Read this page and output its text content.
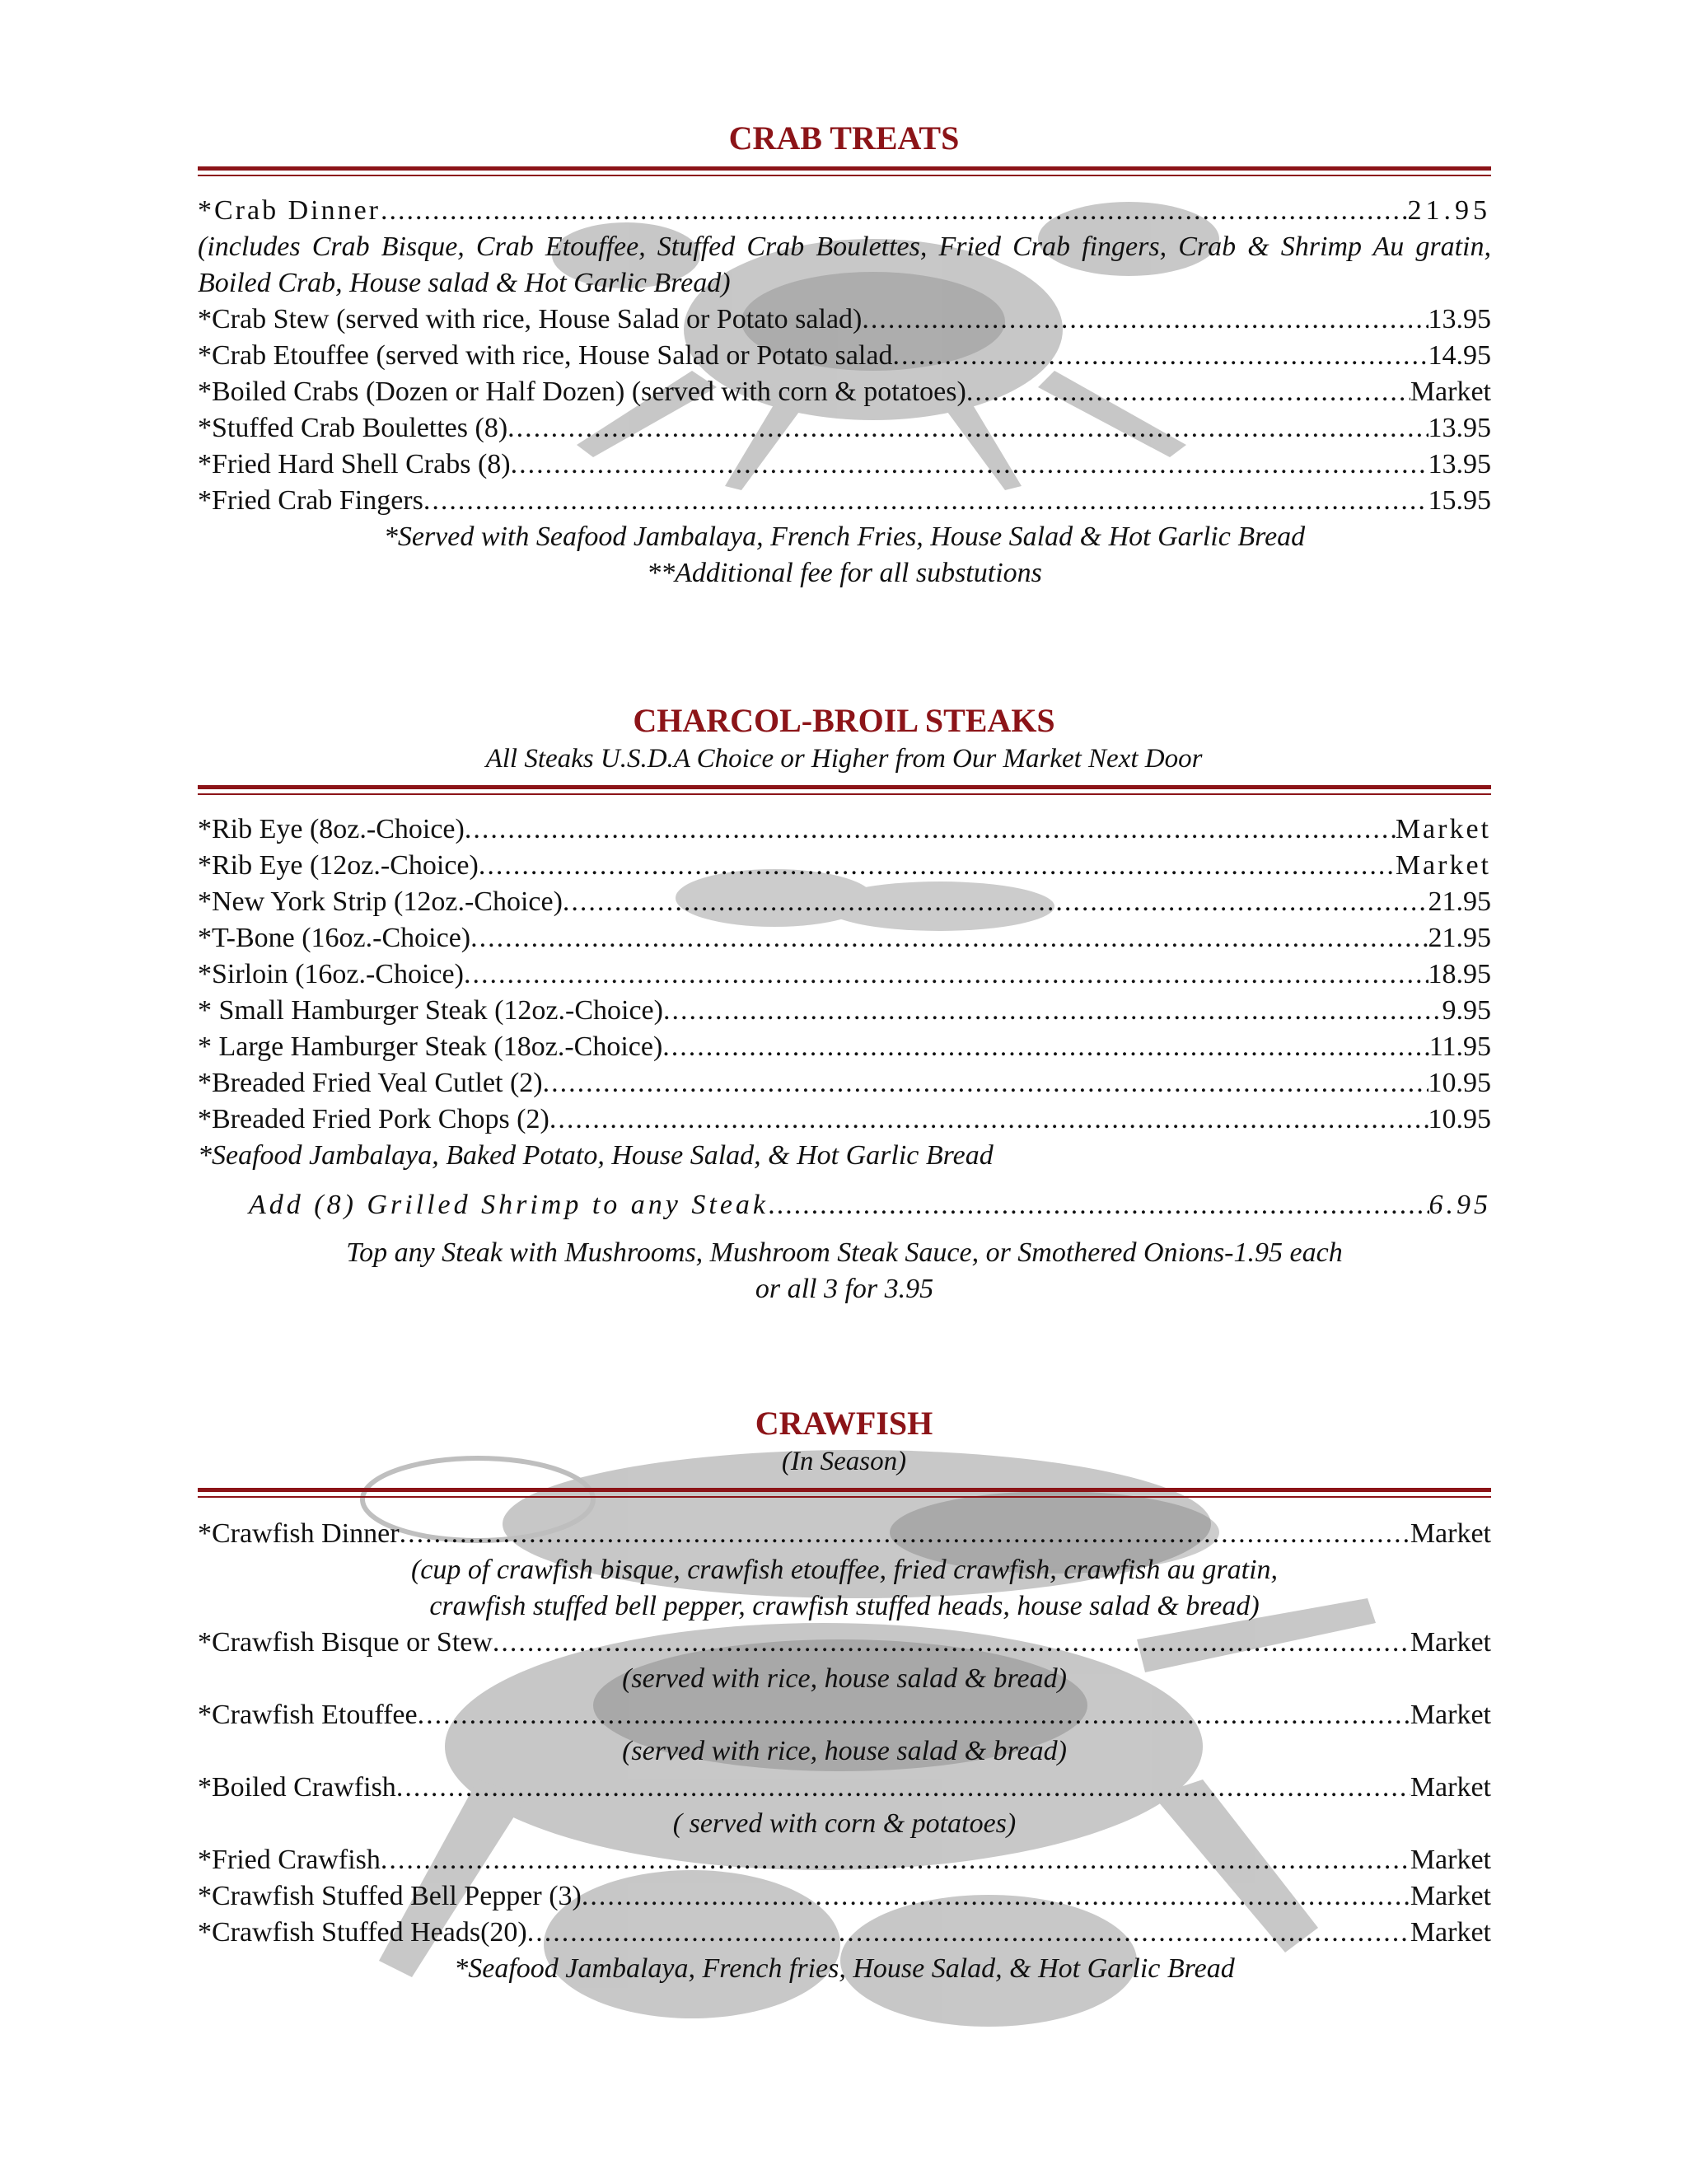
CRAB TREATS
*Crab Dinner .....	21.95
(includes Crab Bisque, Crab Etouffee, Stuffed Crab Boulettes, Fried Crab fingers, Crab & Shrimp Au gratin, Boiled Crab, House salad & Hot Garlic Bread)
*Crab Stew (served with rice, House Salad or Potato salad) .....	13.95
*Crab Etouffee (served with rice, House Salad or Potato salad .....	14.95
*Boiled Crabs (Dozen or Half Dozen) (served with corn & potatoes) .....	Market
*Stuffed Crab Boulettes (8) .....	13.95
*Fried Hard Shell Crabs (8) .....	13.95
*Fried Crab Fingers .....	15.95
*Served with Seafood Jambalaya, French Fries, House Salad & Hot Garlic Bread
**Additional fee for all substutions
CHARCOL-BROIL STEAKS
All Steaks U.S.D.A Choice or Higher from Our Market Next Door
*Rib Eye (8oz.-Choice) .....	Market
*Rib Eye (12oz.-Choice) .....	Market
*New York Strip (12oz.-Choice) .....	21.95
*T-Bone (16oz.-Choice) .....	21.95
*Sirloin (16oz.-Choice) .....	18.95
* Small Hamburger Steak (12oz.-Choice) .....	9.95
* Large Hamburger Steak (18oz.-Choice) .....	11.95
*Breaded Fried Veal Cutlet (2) .....	10.95
*Breaded Fried Pork Chops (2) .....	10.95
*Seafood Jambalaya, Baked Potato, House Salad, & Hot Garlic Bread
Add (8) Grilled Shrimp to any Steak .....	6.95
Top any Steak with Mushrooms, Mushroom Steak Sauce, or Smothered Onions-1.95 each
or all 3 for 3.95
CRAWFISH
(In Season)
*Crawfish Dinner .....	Market
(cup of crawfish bisque, crawfish etouffee, fried crawfish, crawfish au gratin,
crawfish stuffed bell pepper, crawfish stuffed heads, house salad & bread)
*Crawfish Bisque or Stew .....	Market
(served with rice, house salad & bread)
*Crawfish Etouffee .....	Market
(served with rice, house salad & bread)
*Boiled Crawfish .....	Market
( served with corn & potatoes)
*Fried Crawfish .....	Market
*Crawfish Stuffed Bell Pepper (3) .....	Market
*Crawfish Stuffed Heads(20) .....	Market
*Seafood Jambalaya, French fries, House Salad, & Hot Garlic Bread
